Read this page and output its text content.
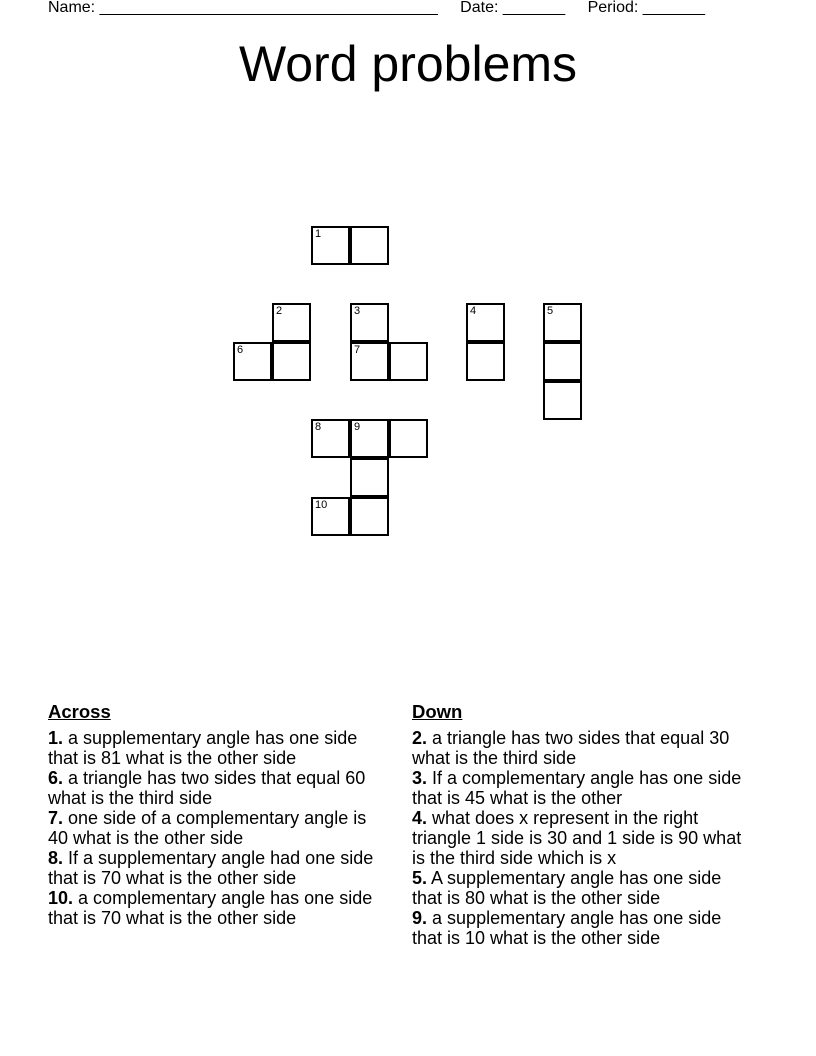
Name: ______________________________________ Date: _______ Period: _______
Word problems
1
2	3	4	5
6	7
8	9
10
Across
1. a supplementary angle has one side that is 81 what is the other side
6. a triangle has two sides that equal 60 what is the third side
7. one side of a complementary angle is 40 what is the other side
8. If a supplementary angle had one side that is 70 what is the other side
10. a complementary angle has one side that is 70 what is the other side
Down
2. a triangle has two sides that equal 30 what is the third side
3. If a complementary angle has one side that is 45 what is the other
4. what does x represent in the right triangle 1 side is 30 and 1 side is 90 what is the third side which is x
5. A supplementary angle has one side that is 80 what is the other side
9. a supplementary angle has one side that is 10 what is the other side
